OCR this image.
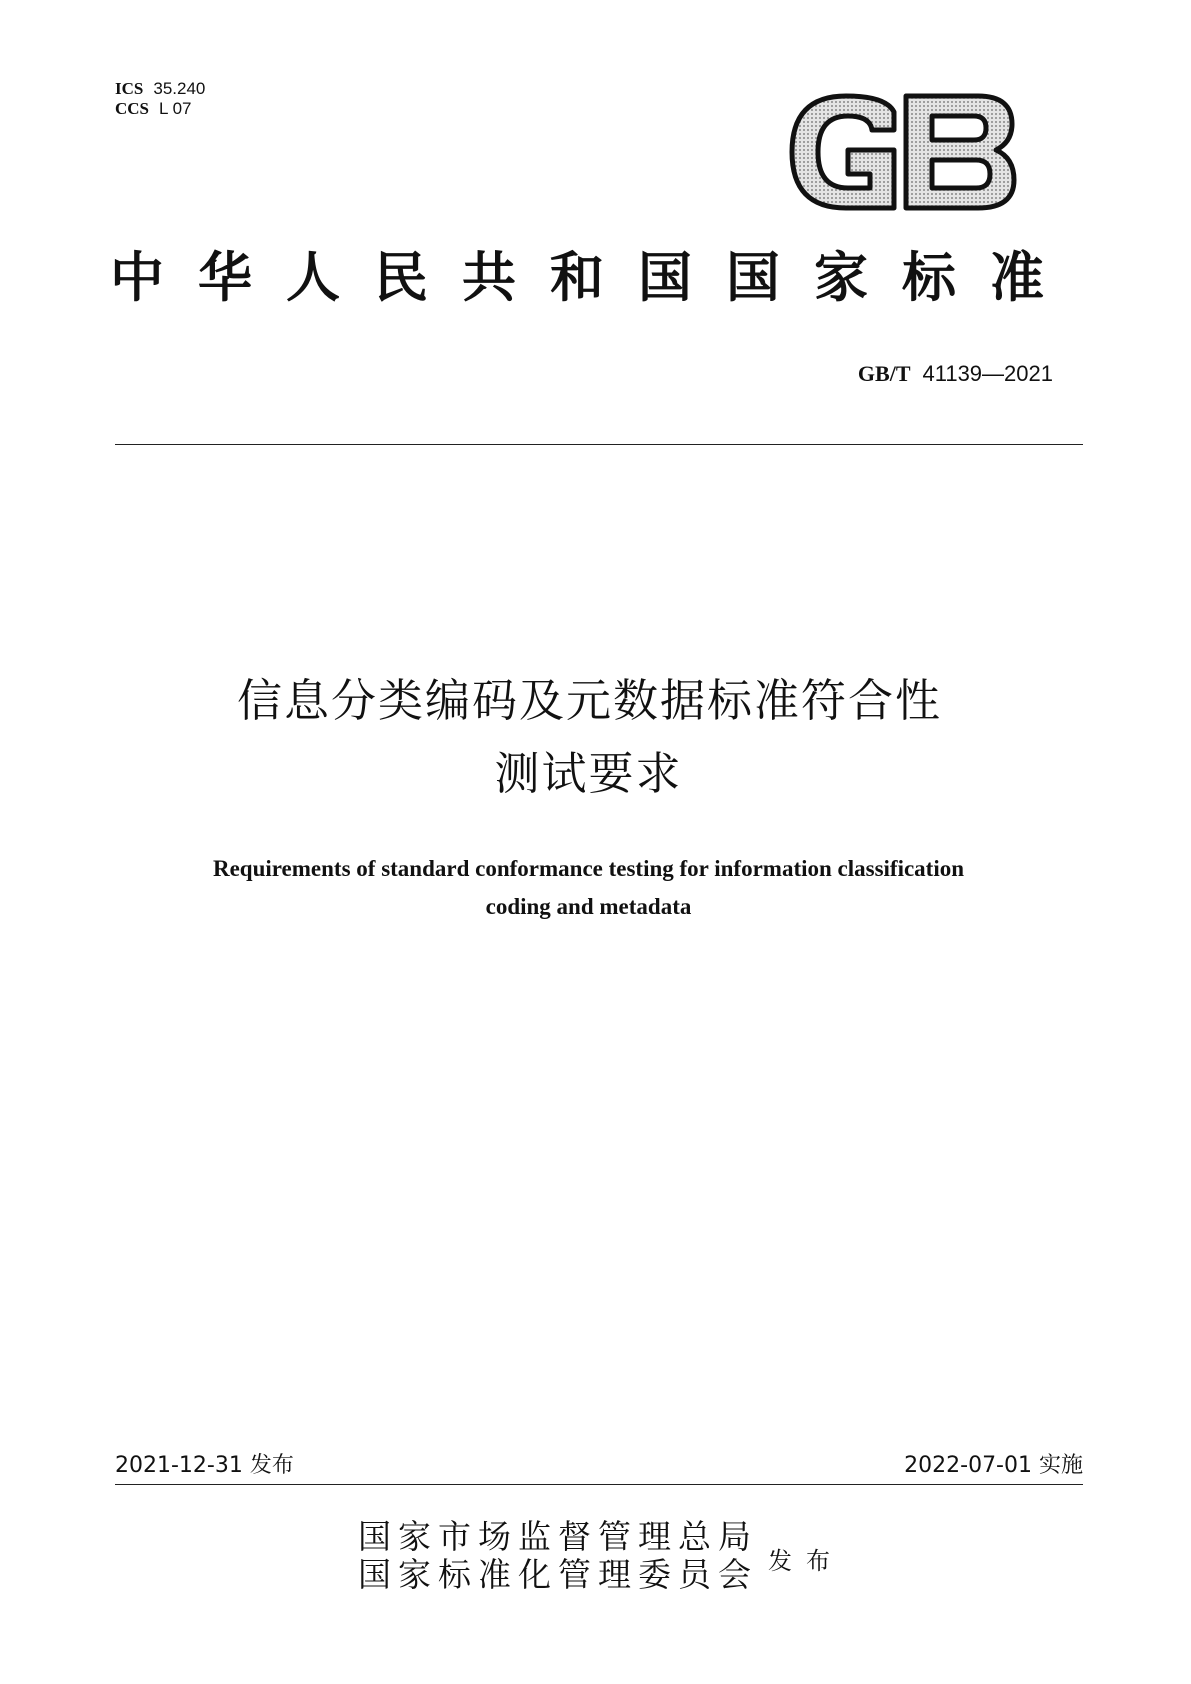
ICS 35.240
CCS L 07
中华人民共和国国家标准
GB/T 41139—2021
信息分类编码及元数据标准符合性
测试要求
Requirements of standard conformance testing for information classification
coding and metadata
2021-12-31 发布	2022-07-01 实施
国家市场监督管理总局
国家标准化管理委员会 发布
